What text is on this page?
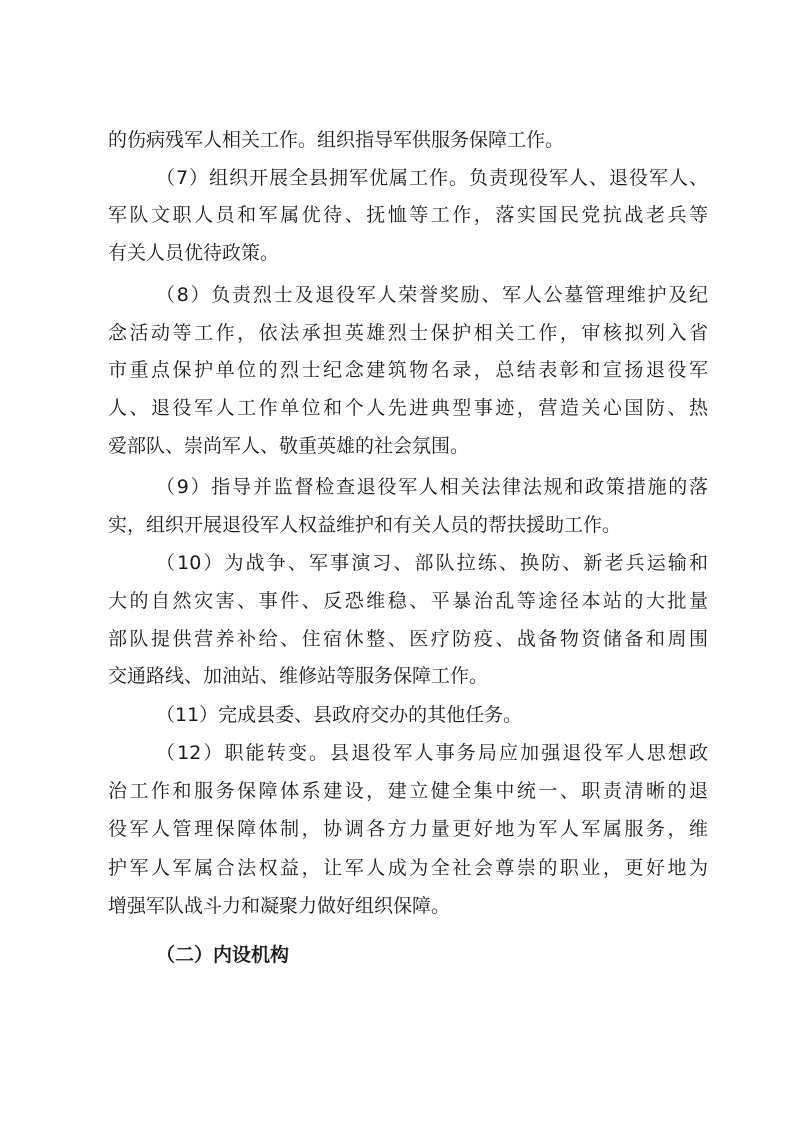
的伤病残军人相关工作。组织指导军供服务保障工作。
（7）组织开展全县拥军优属工作。负责现役军人、退役军人、
军队文职人员和军属优待、抚恤等工作，落实国民党抗战老兵等
有关人员优待政策。
（8）负责烈士及退役军人荣誉奖励、军人公墓管理维护及纪
念活动等工作，依法承担英雄烈士保护相关工作，审核拟列入省
市重点保护单位的烈士纪念建筑物名录，总结表彰和宣扬退役军
人、退役军人工作单位和个人先进典型事迹，营造关心国防、热
爱部队、崇尚军人、敬重英雄的社会氛围。
（9）指导并监督检查退役军人相关法律法规和政策措施的落
实，组织开展退役军人权益维护和有关人员的帮扶援助工作。
（10）为战争、军事演习、部队拉练、换防、新老兵运输和
大的自然灾害、事件、反恐维稳、平暴治乱等途径本站的大批量
部队提供营养补给、住宿休整、医疗防疫、战备物资储备和周围
交通路线、加油站、维修站等服务保障工作。
（11）完成县委、县政府交办的其他任务。
（12）职能转变。县退役军人事务局应加强退役军人思想政
治工作和服务保障体系建设，建立健全集中统一、职责清晰的退
役军人管理保障体制，协调各方力量更好地为军人军属服务，维
护军人军属合法权益，让军人成为全社会尊崇的职业，更好地为
增强军队战斗力和凝聚力做好组织保障。
（二）内设机构
